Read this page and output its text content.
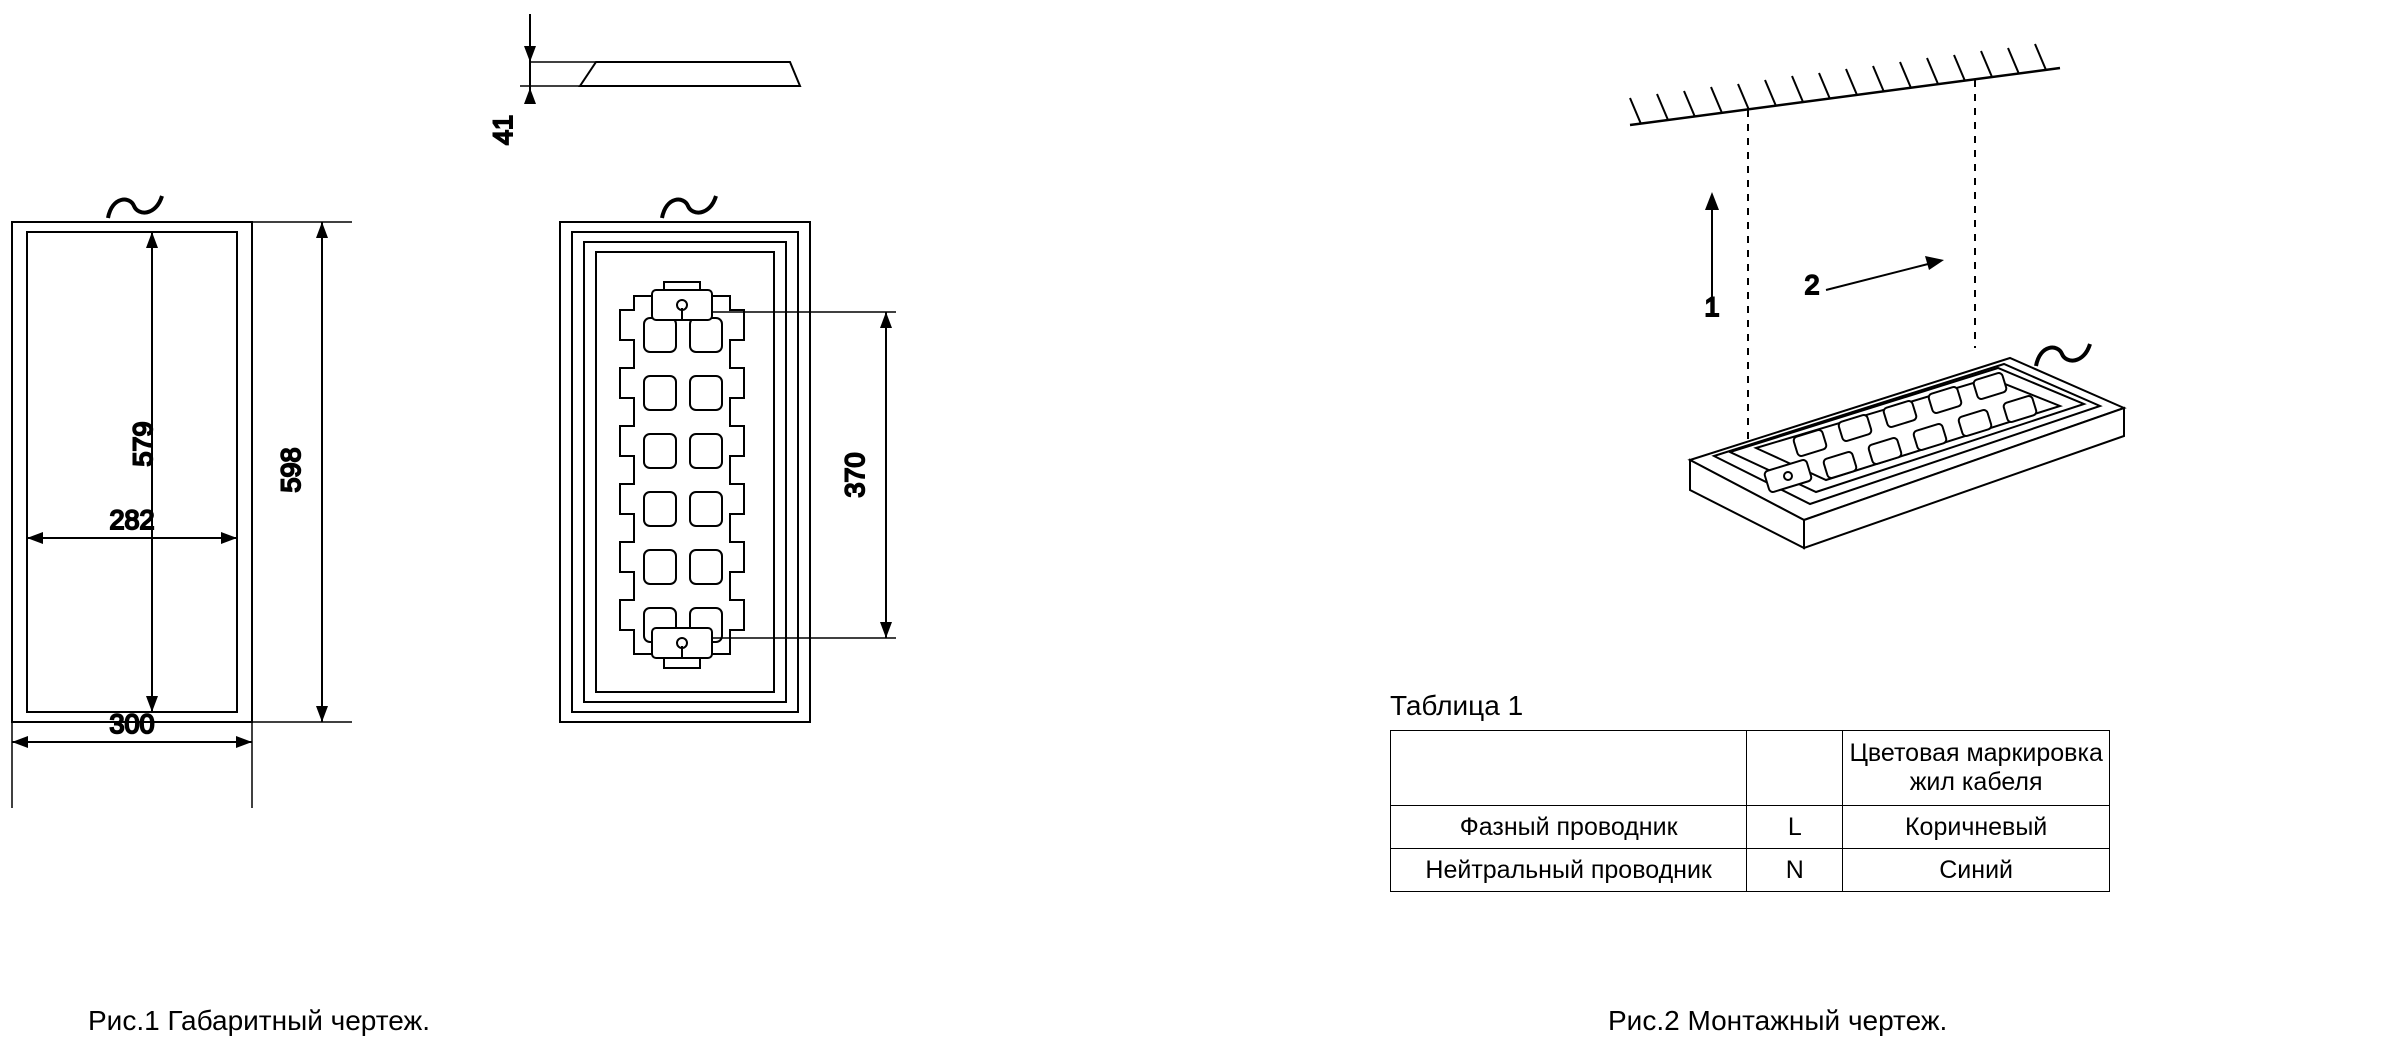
579
598
282
300
41
370
1
2
Рис.1 Габаритный чертеж.	Рис.2 Монтажный чертеж.
Таблица 1
		Цветовая маркировка
жил кабеля
Фазный проводник	L	Коричневый
Нейтральный проводник	N	Синий
